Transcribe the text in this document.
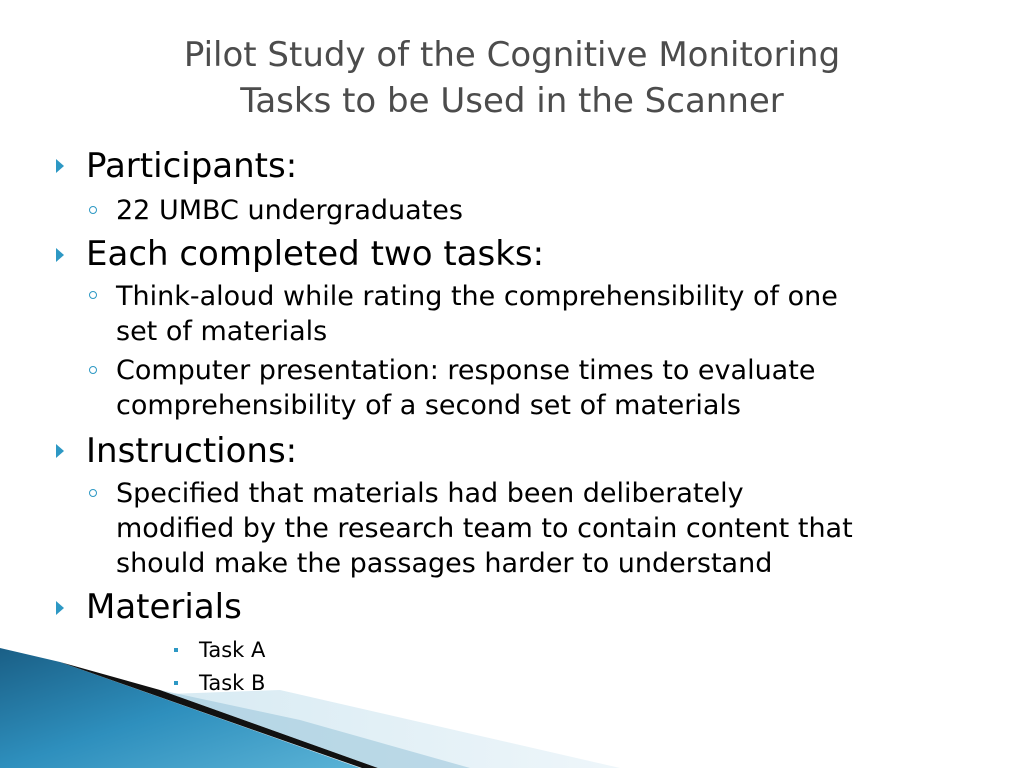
Pilot Study of the Cognitive Monitoring
Tasks to be Used in the Scanner
Participants:
22 UMBC undergraduates
Each completed two tasks:
Think-aloud while rating the comprehensibility of one
set of materials
Computer presentation: response times to evaluate
comprehensibility of a second set of materials
Instructions:
Specified that materials had been deliberately
modified by the research team to contain content that
should make the passages harder to understand
Materials
Task A
Task B
